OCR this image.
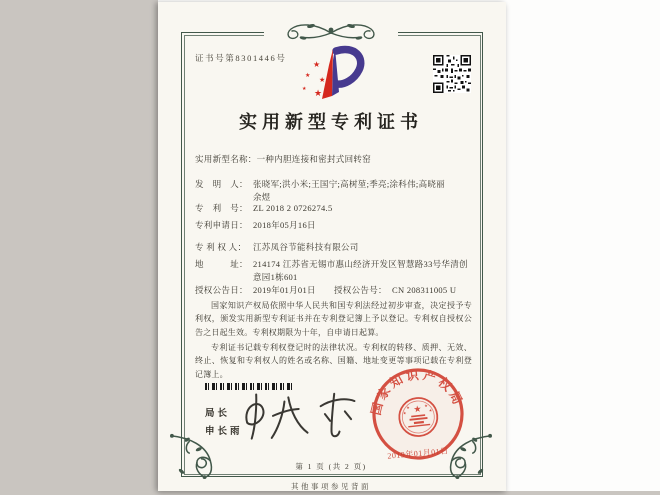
证书号第8301446号
★
★
★
★ ★
实用新型专利证书
实用新型名称： 一种内胆连接和密封式回转窑
发　明　人： 张晓军;洪小米;王国宁;高树堃;季亮;涂科伟;高晓丽
余煜
专　利　号： ZL 2018 2 0726274.5
专利申请日： 2018年05月16日
专 利 权 人： 江苏凤谷节能科技有限公司
地　　　址： 214174 江苏省无锡市惠山经济开发区智慧路33号华清创
意园1栋601
授权公告日： 2019年01月01日	授权公告号： CN 208311005 U

国家知识产权局依照中华人民共和国专利法经过初步审查，决定授予专利权，颁发实用新型专利证书并在专利登记簿上予以登记。专利权自授权公告之日起生效。专利权期限为十年，自申请日起算。

专利证书记载专利权登记时的法律状况。专利权的转移、质押、无效、终止、恢复和专利权人的姓名或名称、国籍、地址变更等事项记载在专利登记簿上。

局长
申长雨
国家知识产权局
★
★	★
★
★
2019年01月01日
第 1 页 (共 2 页)
其他事项参见背面
